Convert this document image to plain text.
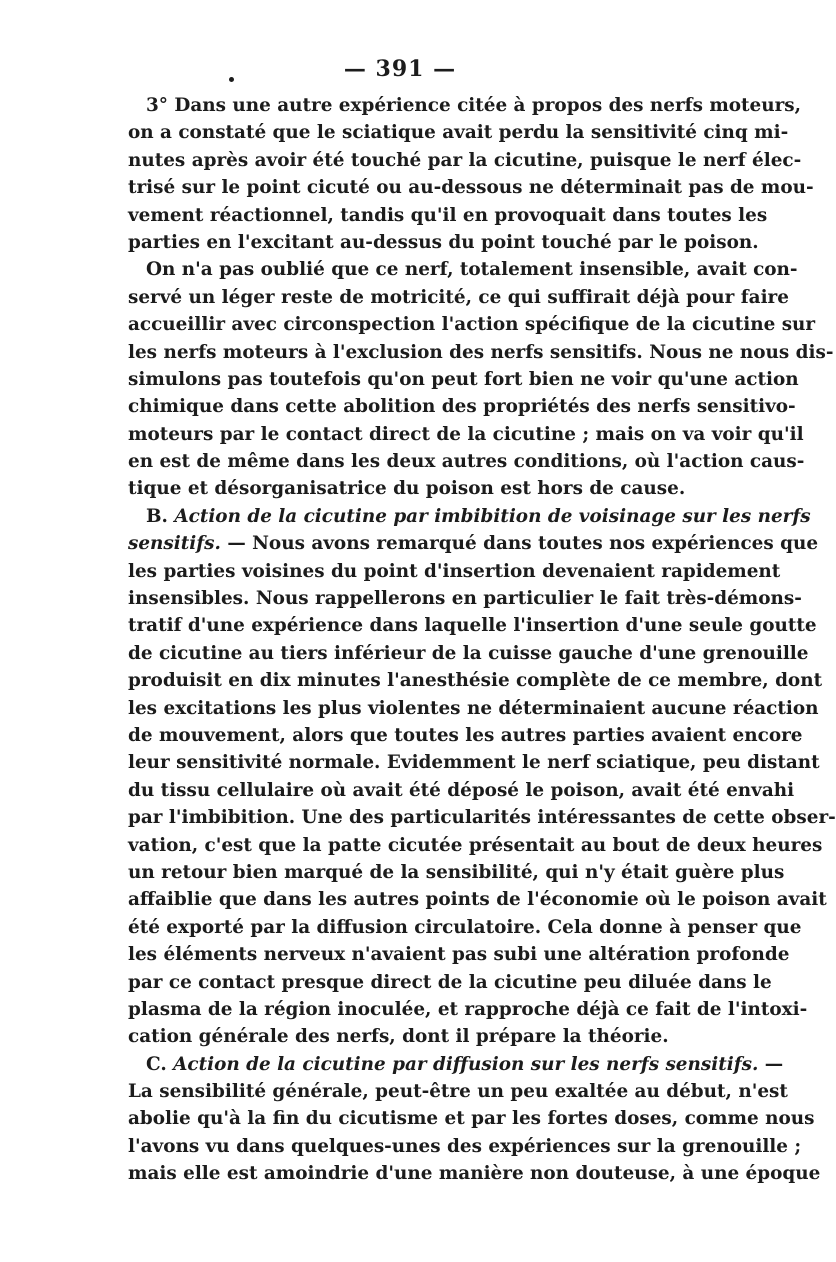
— 391 —
3° Dans une autre expérience citée à propos des nerfs moteurs,
on a constaté que le sciatique avait perdu la sensitivité cinq mi-
nutes après avoir été touché par la cicutine, puisque le nerf élec-
trisé sur le point cicuté ou au-dessous ne déterminait pas de mou-
vement réactionnel, tandis qu'il en provoquait dans toutes les
parties en l'excitant au-dessus du point touché par le poison.
On n'a pas oublié que ce nerf, totalement insensible, avait con-
servé un léger reste de motricité, ce qui suffirait déjà pour faire
accueillir avec circonspection l'action spécifique de la cicutine sur
les nerfs moteurs à l'exclusion des nerfs sensitifs. Nous ne nous dis-
simulons pas toutefois qu'on peut fort bien ne voir qu'une action
chimique dans cette abolition des propriétés des nerfs sensitivo-
moteurs par le contact direct de la cicutine ; mais on va voir qu'il
en est de même dans les deux autres conditions, où l'action caus-
tique et désorganisatrice du poison est hors de cause.
B. Action de la cicutine par imbibition de voisinage sur les nerfs
sensitifs. — Nous avons remarqué dans toutes nos expériences que
les parties voisines du point d'insertion devenaient rapidement
insensibles. Nous rappellerons en particulier le fait très-démons-
tratif d'une expérience dans laquelle l'insertion d'une seule goutte
de cicutine au tiers inférieur de la cuisse gauche d'une grenouille
produisit en dix minutes l'anesthésie complète de ce membre, dont
les excitations les plus violentes ne déterminaient aucune réaction
de mouvement, alors que toutes les autres parties avaient encore
leur sensitivité normale. Evidemment le nerf sciatique, peu distant
du tissu cellulaire où avait été déposé le poison, avait été envahi
par l'imbibition. Une des particularités intéressantes de cette obser-
vation, c'est que la patte cicutée présentait au bout de deux heures
un retour bien marqué de la sensibilité, qui n'y était guère plus
affaiblie que dans les autres points de l'économie où le poison avait
été exporté par la diffusion circulatoire. Cela donne à penser que
les éléments nerveux n'avaient pas subi une altération profonde
par ce contact presque direct de la cicutine peu diluée dans le
plasma de la région inoculée, et rapproche déjà ce fait de l'intoxi-
cation générale des nerfs, dont il prépare la théorie.
C. Action de la cicutine par diffusion sur les nerfs sensitifs. —
La sensibilité générale, peut-être un peu exaltée au début, n'est
abolie qu'à la fin du cicutisme et par les fortes doses, comme nous
l'avons vu dans quelques-unes des expériences sur la grenouille ;
mais elle est amoindrie d'une manière non douteuse, à une époque
